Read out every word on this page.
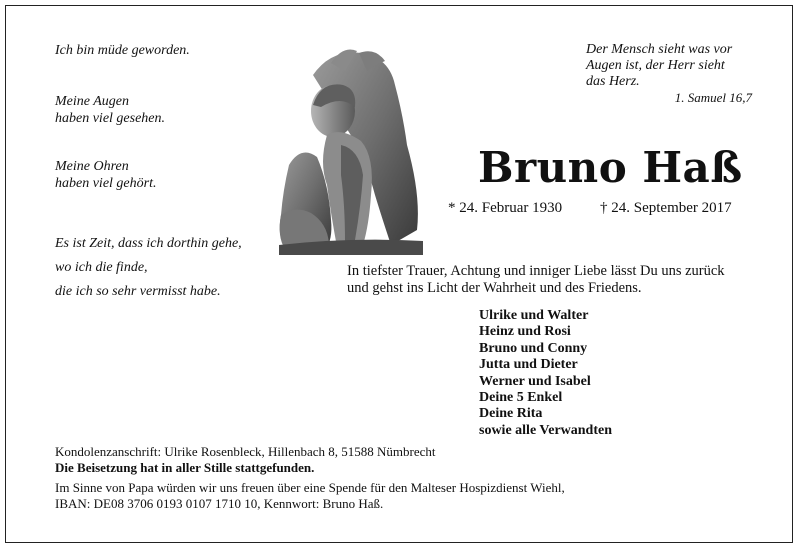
Ich bin müde geworden.
Meine Augen
haben viel gesehen.
Meine Ohren
haben viel gehört.
Es ist Zeit, dass ich dorthin gehe,
wo ich die finde,
die ich so sehr vermisst habe.
Der Mensch sieht was vor
Augen ist, der Herr sieht
das Herz.
1. Samuel 16,7
Bruno Haß
* 24. Februar 1930	† 24. September 2017
In tiefster Trauer, Achtung und inniger Liebe lässt Du uns zurück
und gehst ins Licht der Wahrheit und des Friedens.
Ulrike und Walter
Heinz und Rosi
Bruno und Conny
Jutta und Dieter
Werner und Isabel
Deine 5 Enkel
Deine Rita
sowie alle Verwandten
Kondolenzanschrift: Ulrike Rosenbleck, Hillenbach 8, 51588 Nümbrecht
Die Beisetzung hat in aller Stille stattgefunden.
Im Sinne von Papa würden wir uns freuen über eine Spende für den Malteser Hospizdienst Wiehl,
IBAN: DE08 3706 0193 0107 1710 10, Kennwort: Bruno Haß.
